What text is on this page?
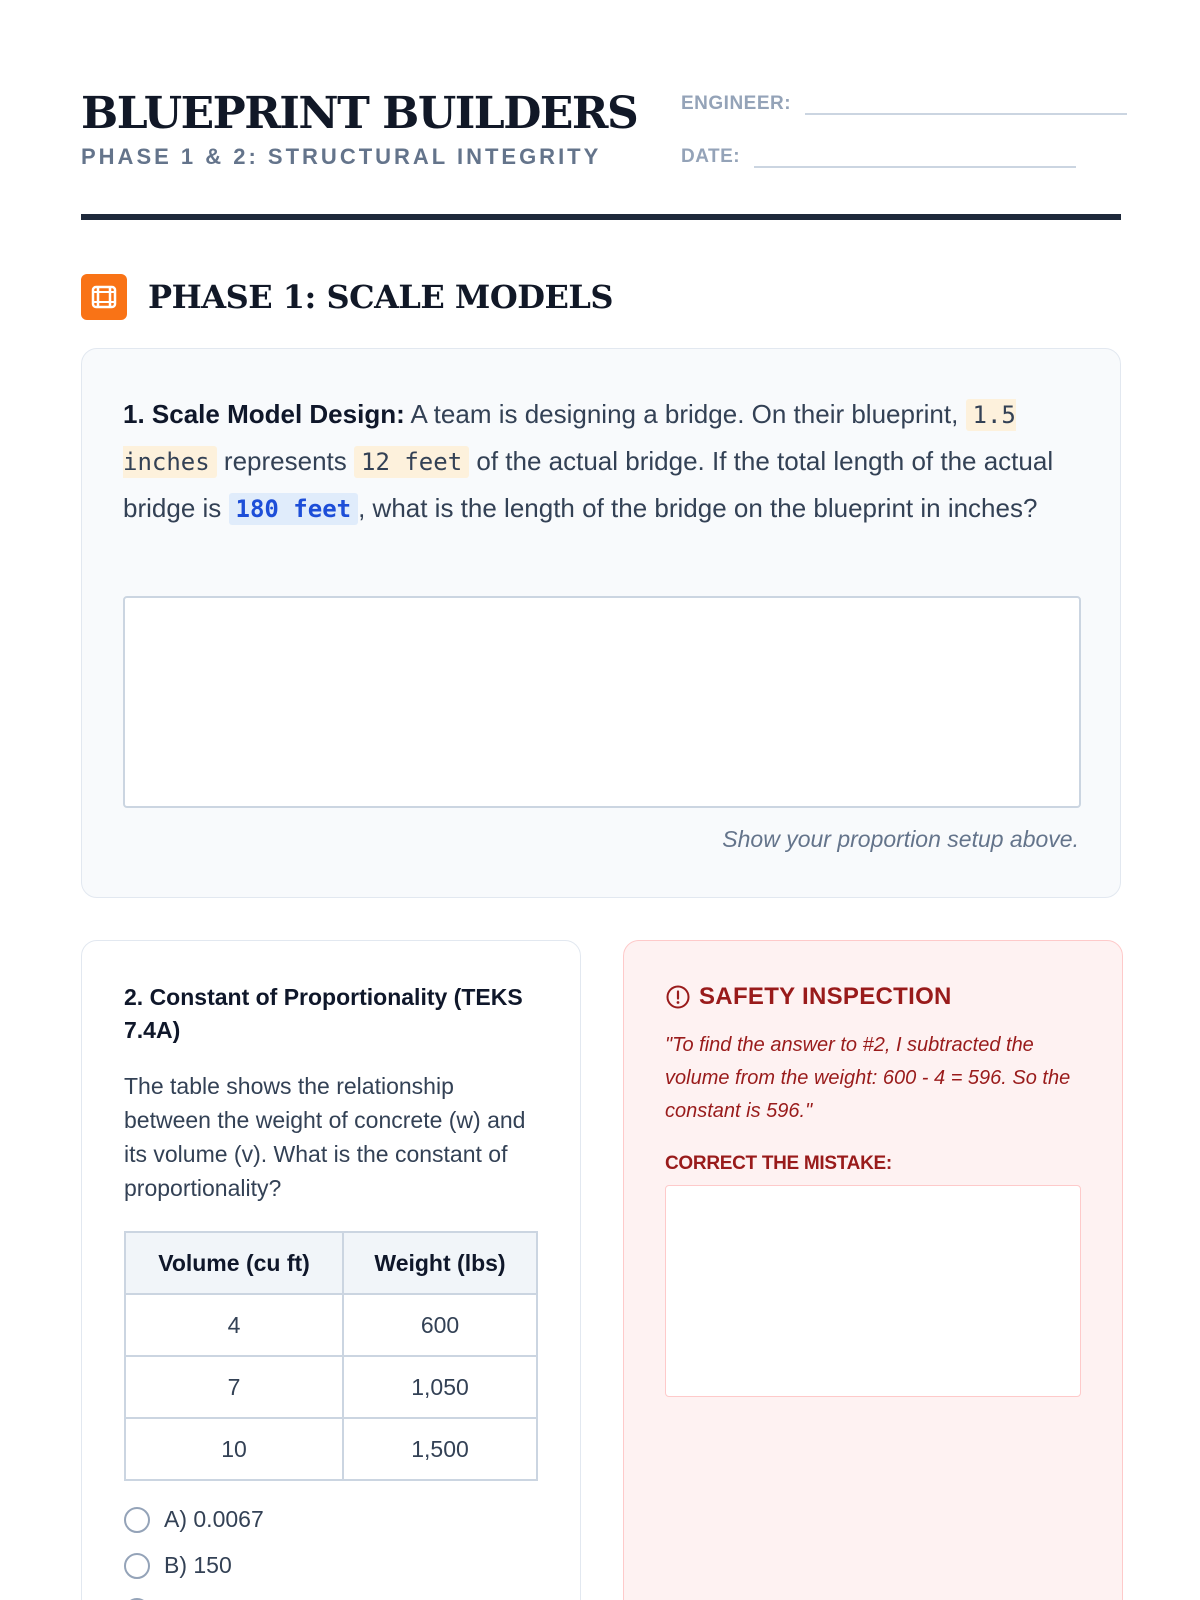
BLUEPRINT BUILDERS
PHASE 1 & 2: STRUCTURAL INTEGRITY
ENGINEER:
DATE:
PHASE 1: SCALE MODELS
1. Scale Model Design: A team is designing a bridge. On their blueprint, 1.5 inches represents 12 feet of the actual bridge. If the total length of the actual bridge is 180 feet , what is the length of the bridge on the blueprint in inches?
Show your proportion setup above.
2. Constant of Proportionality (TEKS 7.4A)
The table shows the relationship between the weight of concrete (w) and its volume (v). What is the constant of proportionality?
Volume (cu ft)	Weight (lbs)
4	600
7	1,050
10	1,500
A) 0.0067
B) 150
SAFETY INSPECTION
"To find the answer to #2, I subtracted the volume from the weight: 600 - 4 = 596. So the constant is 596."
CORRECT THE MISTAKE:
